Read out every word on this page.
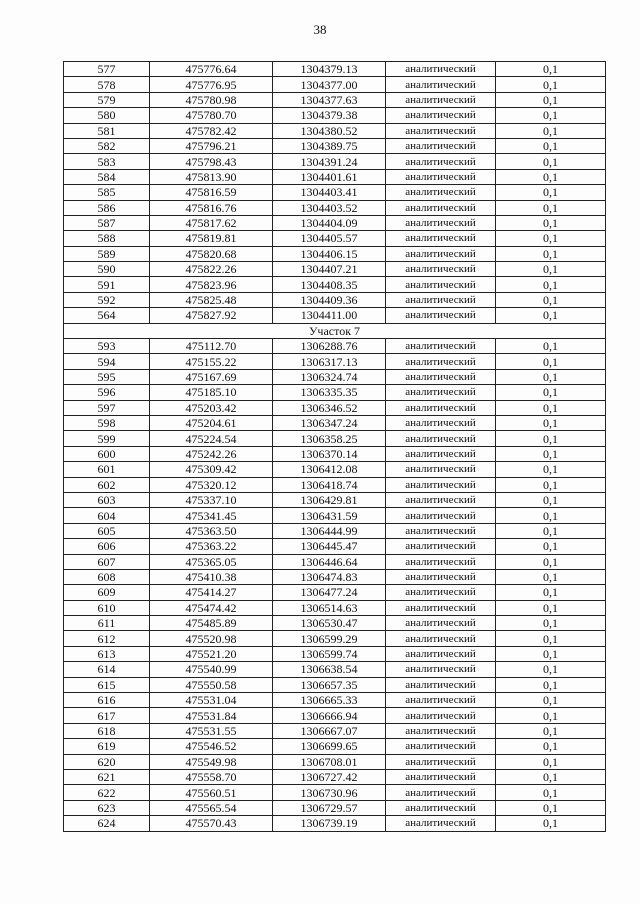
38
577	475776.64	1304379.13	аналитический	0,1
578	475776.95	1304377.00	аналитический	0,1
579	475780.98	1304377.63	аналитический	0,1
580	475780.70	1304379.38	аналитический	0,1
581	475782.42	1304380.52	аналитический	0,1
582	475796.21	1304389.75	аналитический	0,1
583	475798.43	1304391.24	аналитический	0,1
584	475813.90	1304401.61	аналитический	0,1
585	475816.59	1304403.41	аналитический	0,1
586	475816.76	1304403.52	аналитический	0,1
587	475817.62	1304404.09	аналитический	0,1
588	475819.81	1304405.57	аналитический	0,1
589	475820.68	1304406.15	аналитический	0,1
590	475822.26	1304407.21	аналитический	0,1
591	475823.96	1304408.35	аналитический	0,1
592	475825.48	1304409.36	аналитический	0,1
564	475827.92	1304411.00	аналитический	0,1
Участок 7				
593	475112.70	1306288.76	аналитический	0,1
594	475155.22	1306317.13	аналитический	0,1
595	475167.69	1306324.74	аналитический	0,1
596	475185.10	1306335.35	аналитический	0,1
597	475203.42	1306346.52	аналитический	0,1
598	475204.61	1306347.24	аналитический	0,1
599	475224.54	1306358.25	аналитический	0,1
600	475242.26	1306370.14	аналитический	0,1
601	475309.42	1306412.08	аналитический	0,1
602	475320.12	1306418.74	аналитический	0,1
603	475337.10	1306429.81	аналитический	0,1
604	475341.45	1306431.59	аналитический	0,1
605	475363.50	1306444.99	аналитический	0,1
606	475363.22	1306445.47	аналитический	0,1
607	475365.05	1306446.64	аналитический	0,1
608	475410.38	1306474.83	аналитический	0,1
609	475414.27	1306477.24	аналитический	0,1
610	475474.42	1306514.63	аналитический	0,1
611	475485.89	1306530.47	аналитический	0,1
612	475520.98	1306599.29	аналитический	0,1
613	475521.20	1306599.74	аналитический	0,1
614	475540.99	1306638.54	аналитический	0,1
615	475550.58	1306657.35	аналитический	0,1
616	475531.04	1306665.33	аналитический	0,1
617	475531.84	1306666.94	аналитический	0,1
618	475531.55	1306667.07	аналитический	0,1
619	475546.52	1306699.65	аналитический	0,1
620	475549.98	1306708.01	аналитический	0,1
621	475558.70	1306727.42	аналитический	0,1
622	475560.51	1306730.96	аналитический	0,1
623	475565.54	1306729.57	аналитический	0,1
624	475570.43	1306739.19	аналитический	0,1
